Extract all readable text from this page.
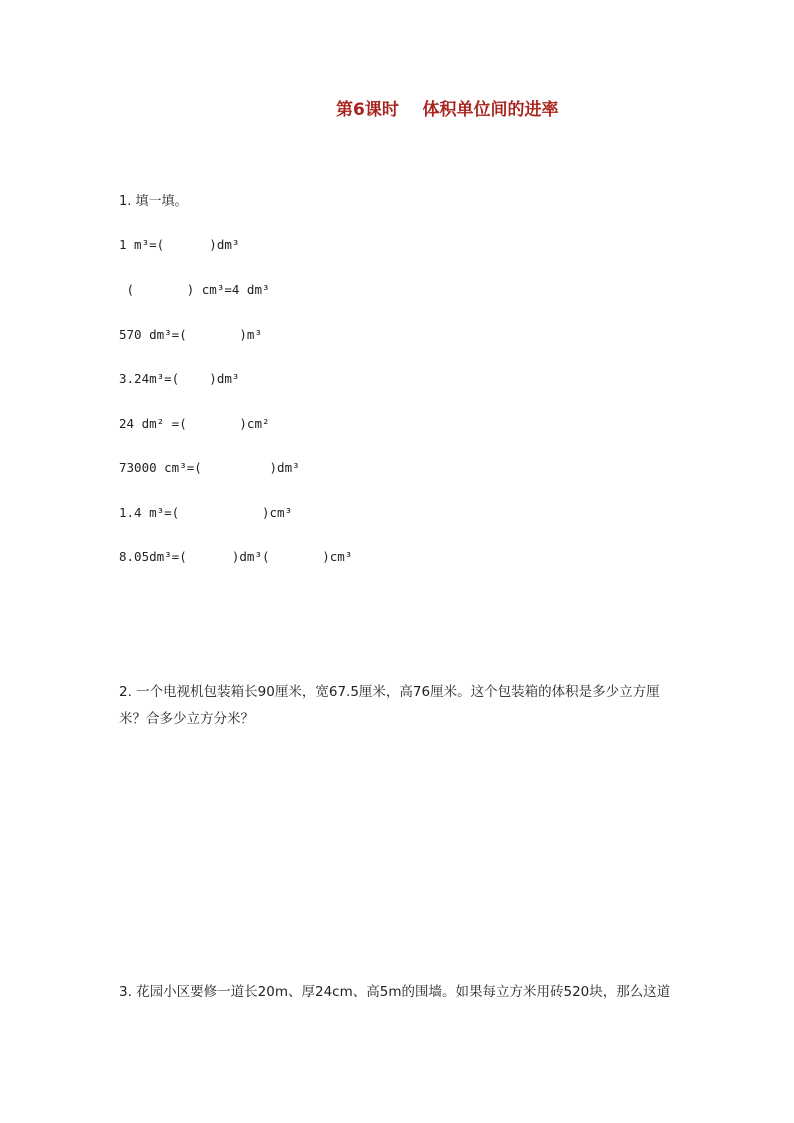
第6课时    体积单位间的进率
1. 填一填。
1 m³=(      )dm³
(       ) cm³=4 dm³
570 dm³=(       )m³
3.24m³=(    )dm³
24 dm² =(       )cm²
73000 cm³=(         )dm³
1.4 m³=(           )cm³
8.05dm³=(      )dm³(       )cm³
2. 一个电视机包装箱长90厘米，宽67.5厘米，高76厘米。这个包装箱的体积是多少立方厘米？合多少立方分米？
3. 花园小区要修一道长20m、厚24cm、高5m的围墙。如果每立方米用砖520块，那么这道
